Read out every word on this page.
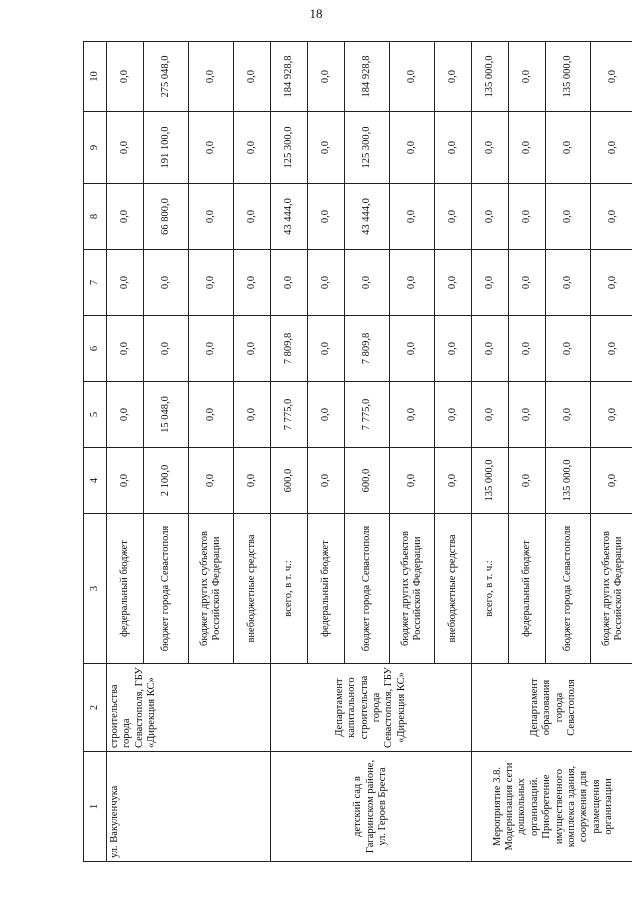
18
1	2	3	4	5	6	7	8	9	10
ул. Вакуленчука	строительства города Севастополя, ГБУ «Дирекция КС»	федеральный бюджет	0,0	0,0	0,0	0,0	0,0	0,0	0,0
		бюджет города Севастополя	2 100,0	15 048,0	0,0	0,0	66 800,0	191 100,0	275 048,0
		бюджет других субъектов Российской Федерации	0,0	0,0	0,0	0,0	0,0	0,0	0,0
		внебюджетные средства	0,0	0,0	0,0	0,0	0,0	0,0	0,0
детский сад в Гагаринском районе, ул. Героев Бреста	Департамент капитального строительства города Севастополя, ГБУ «Дирекция КС»	всего, в т. ч.:	600,0	7 775,0	7 809,8	0,0	43 444,0	125 300,0	184 928,8
		федеральный бюджет	0,0	0,0	0,0	0,0	0,0	0,0	0,0
		бюджет города Севастополя	600,0	7 775,0	7 809,8	0,0	43 444,0	125 300,0	184 928,8
		бюджет других субъектов Российской Федерации	0,0	0,0	0,0	0,0	0,0	0,0	0,0
		внебюджетные средства	0,0	0,0	0,0	0,0	0,0	0,0	0,0
Мероприятие 3.8. Модернизация сети дошкольных организаций. Приобретение имущественного комплекса здания, сооружения для размещения организации	Департамент образования города Севастополя	всего, в т. ч.:	135 000,0	0,0	0,0	0,0	0,0	0,0	135 000,0
		федеральный бюджет	0,0	0,0	0,0	0,0	0,0	0,0	0,0
		бюджет города Севастополя	135 000,0	0,0	0,0	0,0	0,0	0,0	135 000,0
		бюджет других субъектов Российской Федерации	0,0	0,0	0,0	0,0	0,0	0,0	0,0
